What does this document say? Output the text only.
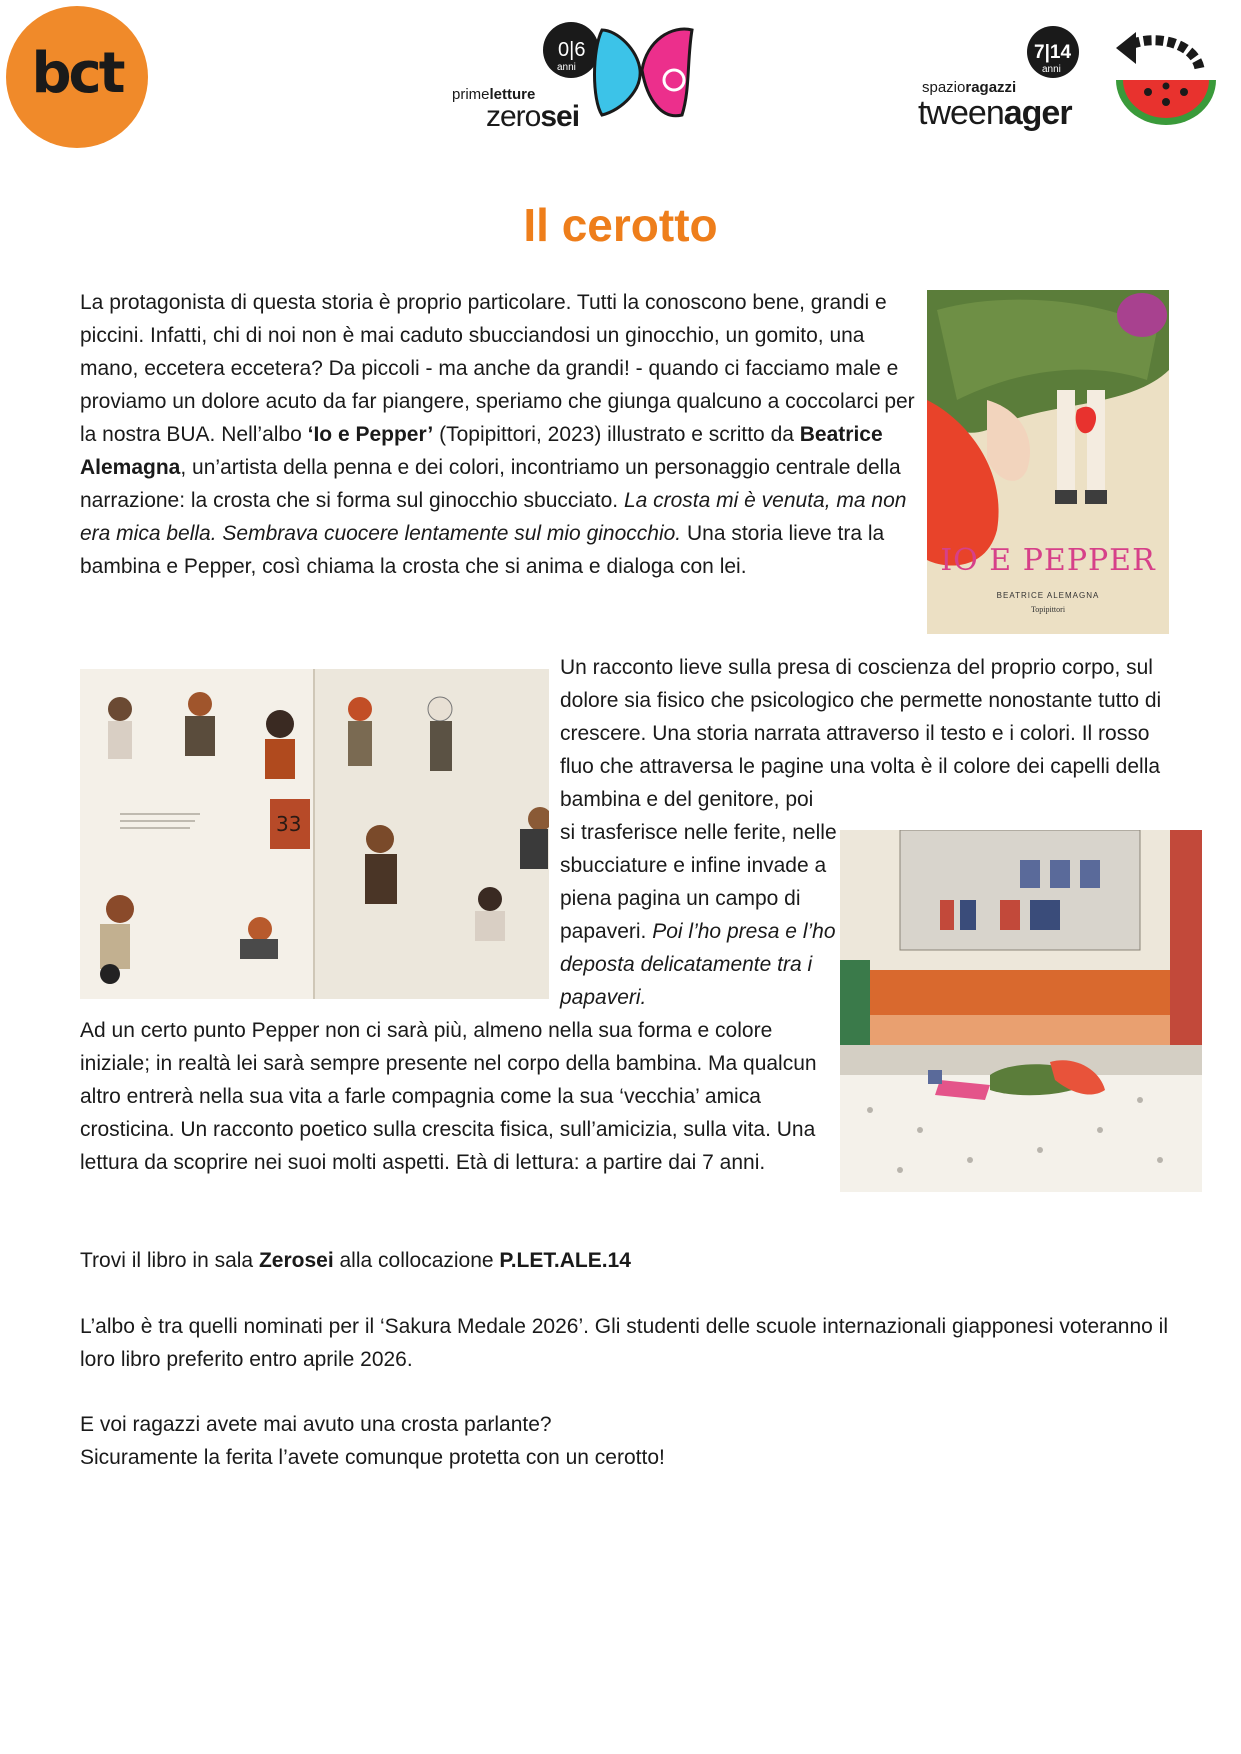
bct	0|6
anni
primeletture
zerosei
7|14
anni
spazioragazzi
tweenager
Il cerotto
La protagonista di questa storia è proprio particolare. Tutti la conoscono bene, grandi e piccini. Infatti, chi di noi non è mai caduto sbucciandosi un ginocchio, un gomito, una mano, eccetera eccetera? Da piccoli - ma anche da grandi! - quando ci facciamo male e proviamo un dolore acuto da far piangere, speriamo che giunga qualcuno a coccolarci per la nostra BUA. Nell’albo ‘Io e Pepper’ (Topipittori, 2023) illustrato e scritto da Beatrice Alemagna, un’artista della penna e dei colori, incontriamo un personaggio centrale della narrazione: la crosta che si forma sul ginocchio sbucciato. La crosta mi è venuta, ma non era mica bella. Sembrava cuocere lentamente sul mio ginocchio. Una storia lieve tra la bambina e Pepper, così chiama la crosta che si anima e dialoga con lei.	IO E PEPPER
BEATRICE ALEMAGNA
Topipittori
33
Un racconto lieve sulla presa di coscienza del proprio corpo, sul dolore sia fisico che psicologico che permette nonostante tutto di crescere. Una storia narrata attraverso il testo e i colori. Il rosso fluo che attraversa le pagine una volta è il colore dei capelli della bambina e del genitore, poi
si trasferisce nelle ferite, nelle sbucciature e infine invade a piena pagina un campo di papaveri. Poi l’ho presa e l’ho deposta delicatamente tra i papaveri.
Ad un certo punto Pepper non ci sarà più, almeno nella sua forma e colore iniziale; in realtà lei sarà sempre presente nel corpo della bambina. Ma qualcun altro entrerà nella sua vita a farle compagnia come la sua ‘vecchia’ amica crosticina. Un racconto poetico sulla crescita fisica, sull’amicizia, sulla vita. Una lettura da scoprire nei suoi molti aspetti. Età di lettura: a partire dai 7 anni.
Trovi il libro in sala Zerosei alla collocazione P.LET.ALE.14
L’albo è tra quelli nominati per il ‘Sakura Medale 2026’. Gli studenti delle scuole internazionali giapponesi voteranno il loro libro preferito entro aprile 2026.
E voi ragazzi avete mai avuto una crosta parlante?
Sicuramente la ferita l’avete comunque protetta con un cerotto!
